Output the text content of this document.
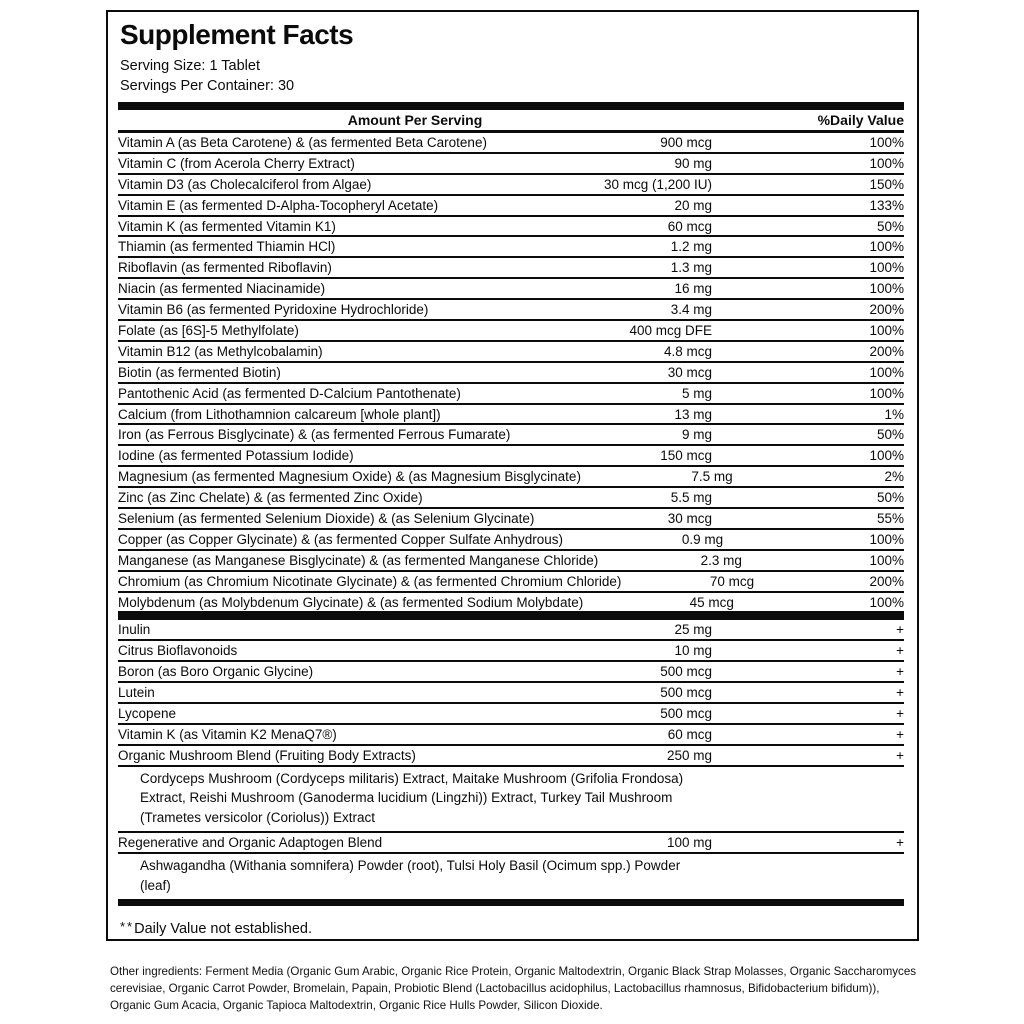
Supplement Facts
Serving Size: 1 Tablet
Servings Per Container: 30
Amount Per Serving	%Daily Value
Vitamin A (as Beta Carotene) & (as fermented Beta Carotene)	900 mcg	100%
Vitamin C (from Acerola Cherry Extract)	90 mg	100%
Vitamin D3 (as Cholecalciferol from Algae)	30 mcg (1,200 IU)	150%
Vitamin E (as fermented D-Alpha-Tocopheryl Acetate)	20 mg	133%
Vitamin K (as fermented Vitamin K1)	60 mcg	50%
Thiamin (as fermented Thiamin HCl)	1.2 mg	100%
Riboflavin (as fermented Riboflavin)	1.3 mg	100%
Niacin (as fermented Niacinamide)	16 mg	100%
Vitamin B6 (as fermented Pyridoxine Hydrochloride)	3.4 mg	200%
Folate (as [6S]-5 Methylfolate)	400 mcg DFE	100%
Vitamin B12 (as Methylcobalamin)	4.8 mcg	200%
Biotin (as fermented Biotin)	30 mcg	100%
Pantothenic Acid (as fermented D-Calcium Pantothenate)	5 mg	100%
Calcium (from Lithothamnion calcareum [whole plant])	13 mg	1%
Iron (as Ferrous Bisglycinate) & (as fermented Ferrous Fumarate)	9 mg	50%
Iodine (as fermented Potassium Iodide)	150 mcg	100%
Magnesium (as fermented Magnesium Oxide) & (as Magnesium Bisglycinate)	7.5 mg	2%
Zinc (as Zinc Chelate) & (as fermented Zinc Oxide)	5.5 mg	50%
Selenium (as fermented Selenium Dioxide) & (as Selenium Glycinate)	30 mcg	55%
Copper (as Copper Glycinate) & (as fermented Copper Sulfate Anhydrous)	0.9 mg	100%
Manganese (as Manganese Bisglycinate) & (as fermented Manganese Chloride)	2.3 mg	100%
Chromium (as Chromium Nicotinate Glycinate) & (as fermented Chromium Chloride)	70 mcg	200%
Molybdenum (as Molybdenum Glycinate) & (as fermented Sodium Molybdate)	45 mcg	100%
Inulin	25 mg	+
Citrus Bioflavonoids	10 mg	+
Boron (as Boro Organic Glycine)	500 mcg	+
Lutein	500 mcg	+
Lycopene	500 mcg	+
Vitamin K (as Vitamin K2 MenaQ7®)	60 mcg	+
Organic Mushroom Blend (Fruiting Body Extracts)	250 mg	+
Cordyceps Mushroom (Cordyceps militaris) Extract, Maitake Mushroom (Grifolia Frondosa)
Extract, Reishi Mushroom (Ganoderma lucidium (Lingzhi)) Extract, Turkey Tail Mushroom
(Trametes versicolor (Coriolus)) Extract
Regenerative and Organic Adaptogen Blend	100 mg	+
Ashwagandha (Withania somnifera) Powder (root), Tulsi Holy Basil (Ocimum spp.) Powder
(leaf)
**Daily Value not established.
Other ingredients: Ferment Media (Organic Gum Arabic, Organic Rice Protein, Organic Maltodextrin, Organic Black Strap Molasses, Organic Saccharomyces cerevisiae, Organic Carrot Powder, Bromelain, Papain, Probiotic Blend (Lactobacillus acidophilus, Lactobacillus rhamnosus, Bifidobacterium bifidum)), Organic Gum Acacia, Organic Tapioca Maltodextrin, Organic Rice Hulls Powder, Silicon Dioxide.
